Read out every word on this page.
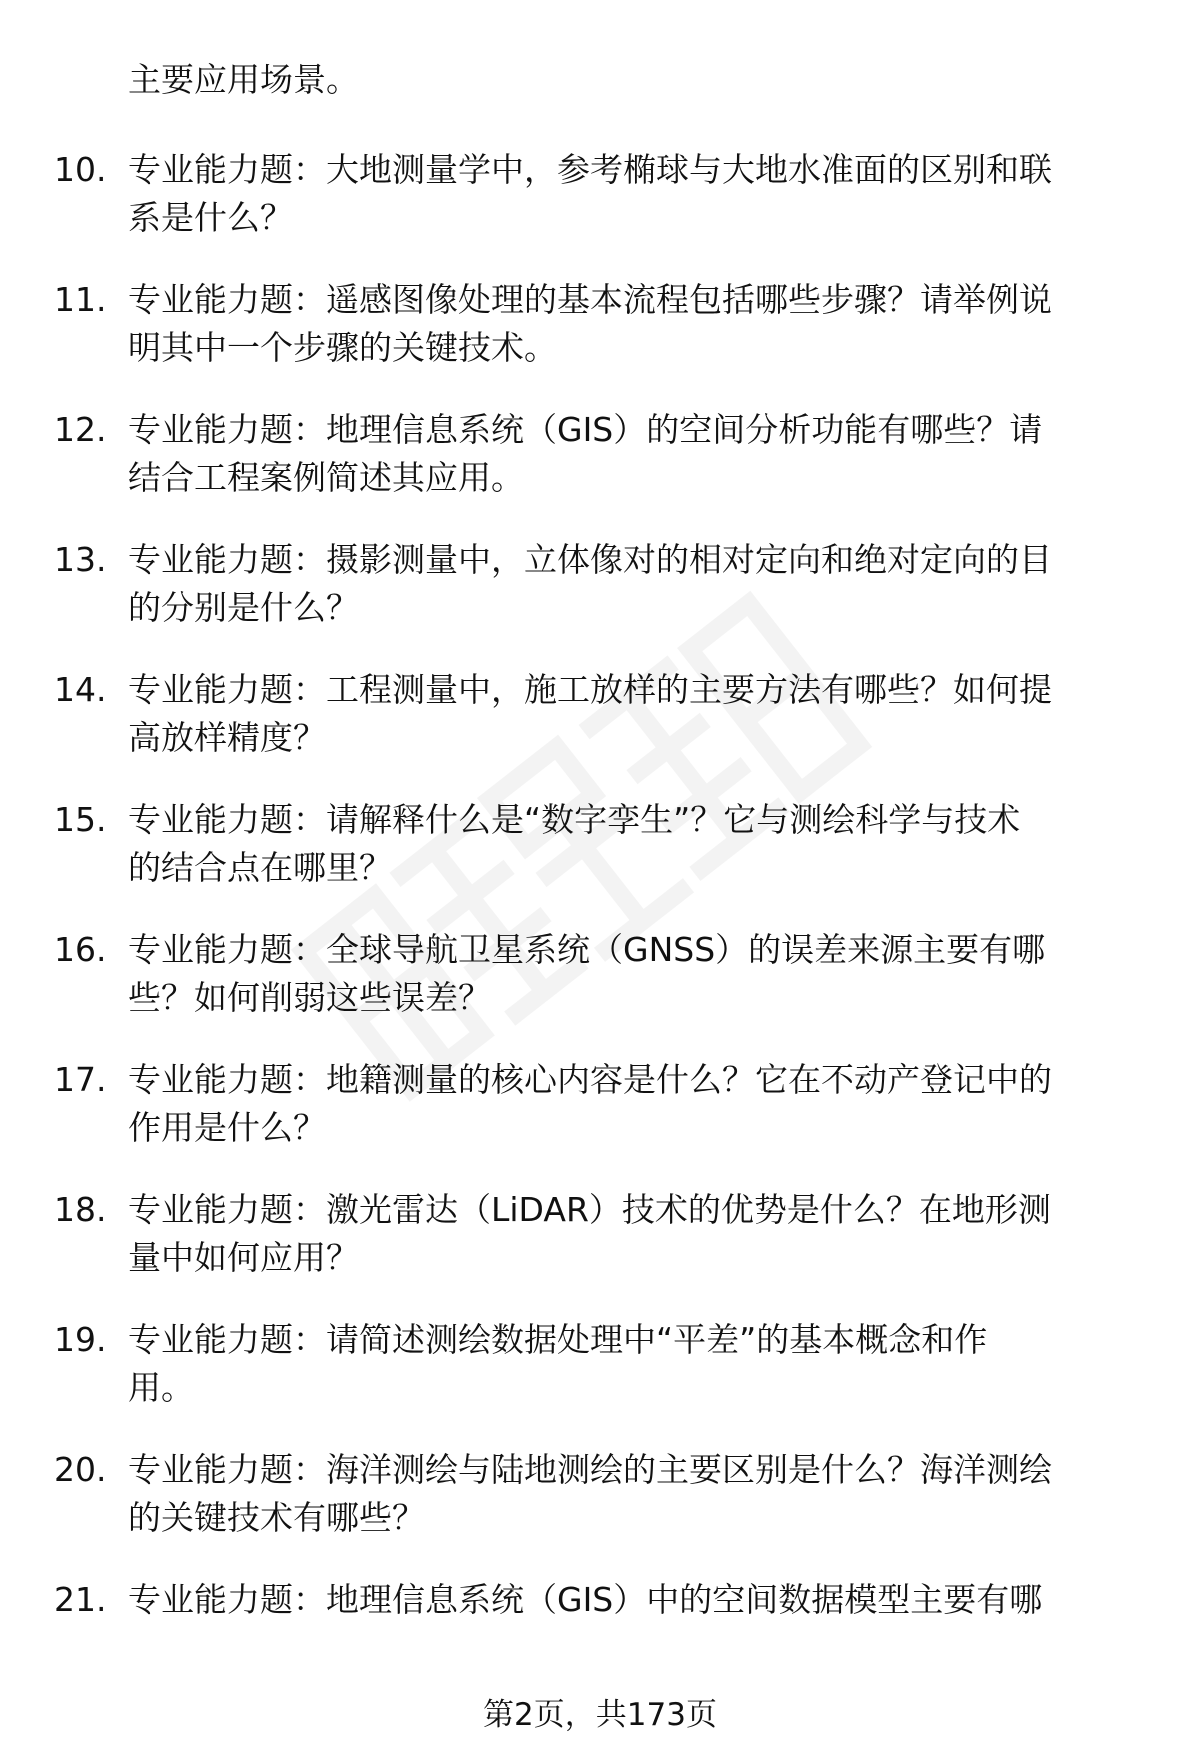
主要应用场景。
10. 专业能力题：大地测量学中，参考椭球与大地水准面的区别和联
系是什么？
11. 专业能力题：遥感图像处理的基本流程包括哪些步骤？请举例说
明其中一个步骤的关键技术。
12. 专业能力题：地理信息系统（GIS）的空间分析功能有哪些？请
结合工程案例简述其应用。
13. 专业能力题：摄影测量中，立体像对的相对定向和绝对定向的目
的分别是什么？
14. 专业能力题：工程测量中，施工放样的主要方法有哪些？如何提
高放样精度？
15. 专业能力题：请解释什么是“数字孪生”？它与测绘科学与技术
的结合点在哪里？
16. 专业能力题：全球导航卫星系统（GNSS）的误差来源主要有哪
些？如何削弱这些误差？
17. 专业能力题：地籍测量的核心内容是什么？它在不动产登记中的
作用是什么？
18. 专业能力题：激光雷达（LiDAR）技术的优势是什么？在地形测
量中如何应用？
19. 专业能力题：请简述测绘数据处理中“平差”的基本概念和作
用。
20. 专业能力题：海洋测绘与陆地测绘的主要区别是什么？海洋测绘
的关键技术有哪些？
21. 专业能力题：地理信息系统（GIS）中的空间数据模型主要有哪
第2页，共173页
